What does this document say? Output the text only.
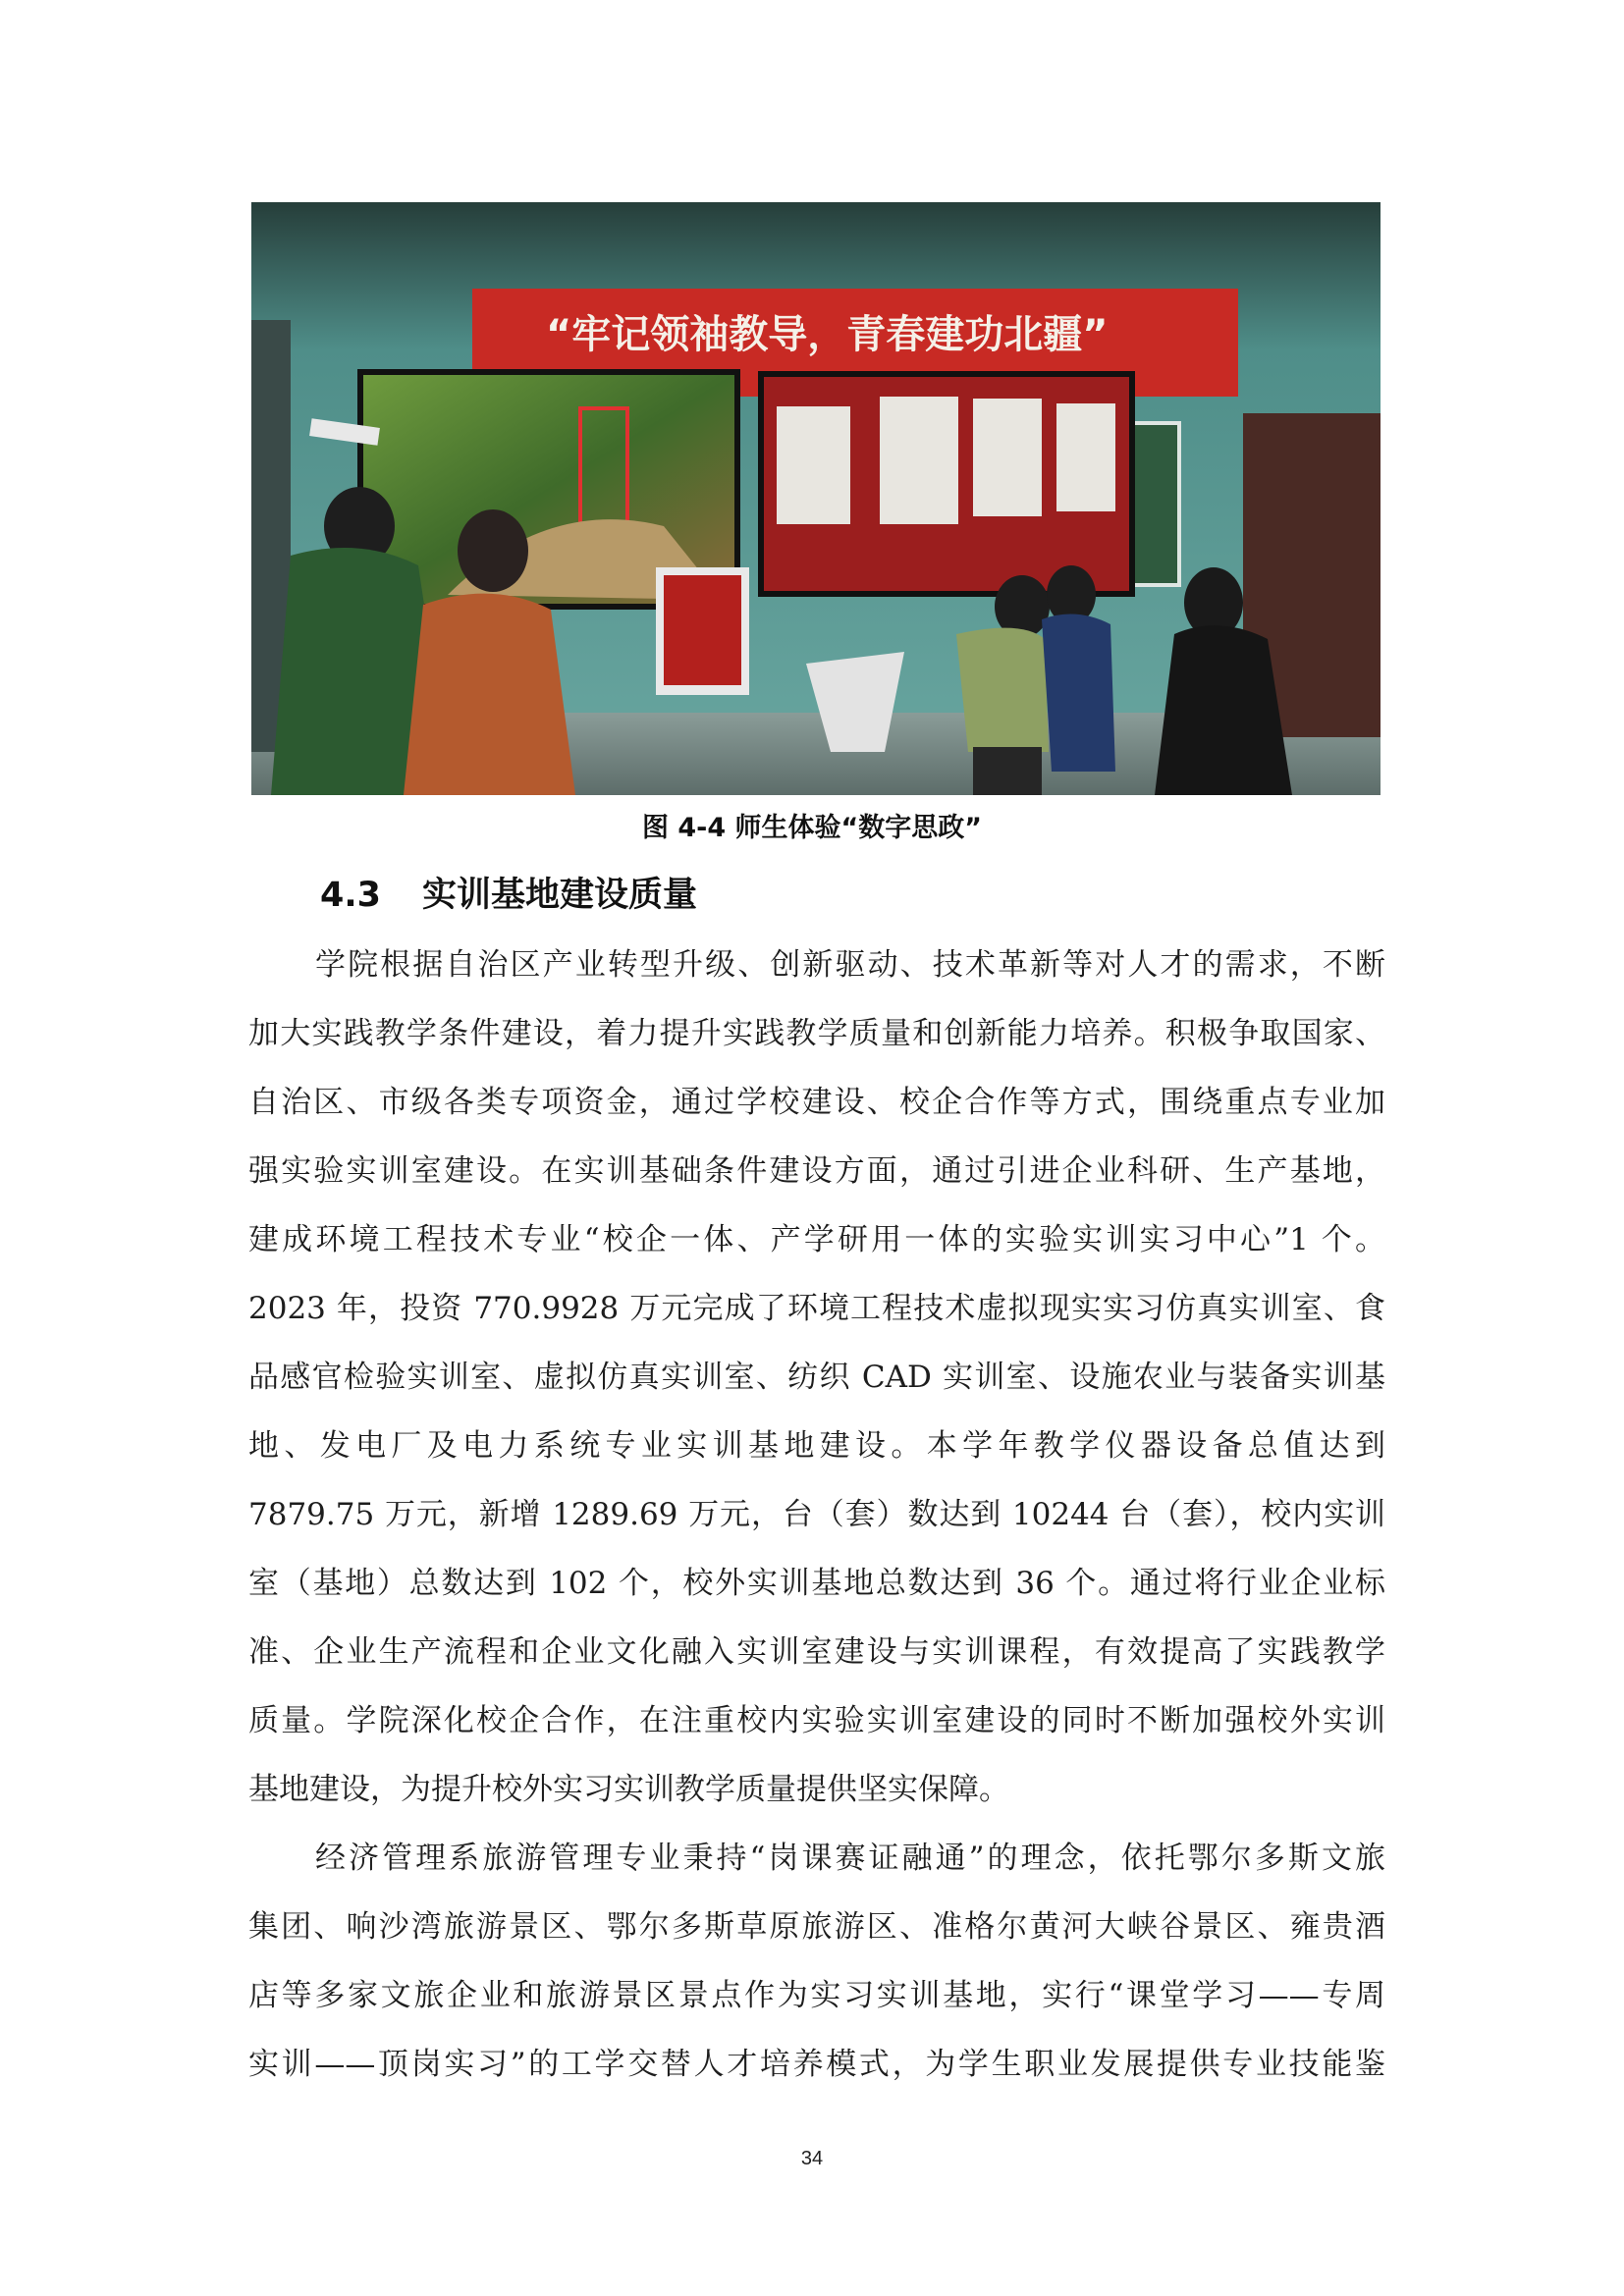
“牢记领袖教导，青春建功北疆”
图 4-4 师生体验“数字思政”
4.3 实训基地建设质量
学院根据自治区产业转型升级、创新驱动、技术革新等对人才的需求，不断
加大实践教学条件建设，着力提升实践教学质量和创新能力培养。积极争取国家、
自治区、市级各类专项资金，通过学校建设、校企合作等方式，围绕重点专业加
强实验实训室建设。在实训基础条件建设方面，通过引进企业科研、生产基地，
建成环境工程技术专业“校企一体、产学研用一体的实验实训实习中心”1 个。
2023 年，投资 770.9928 万元完成了环境工程技术虚拟现实实习仿真实训室、食
品感官检验实训室、虚拟仿真实训室、纺织 CAD 实训室、设施农业与装备实训基
地、发电厂及电力系统专业实训基地建设。本学年教学仪器设备总值达到
7879.75 万元，新增 1289.69 万元，台（套）数达到 10244 台（套），校内实训
室（基地）总数达到 102 个，校外实训基地总数达到 36 个。通过将行业企业标
准、企业生产流程和企业文化融入实训室建设与实训课程，有效提高了实践教学
质量。学院深化校企合作，在注重校内实验实训室建设的同时不断加强校外实训
基地建设，为提升校外实习实训教学质量提供坚实保障。
经济管理系旅游管理专业秉持“岗课赛证融通”的理念，依托鄂尔多斯文旅
集团、响沙湾旅游景区、鄂尔多斯草原旅游区、准格尔黄河大峡谷景区、雍贵酒
店等多家文旅企业和旅游景区景点作为实习实训基地，实行“课堂学习——专周
实训——顶岗实习”的工学交替人才培养模式，为学生职业发展提供专业技能鉴
34
